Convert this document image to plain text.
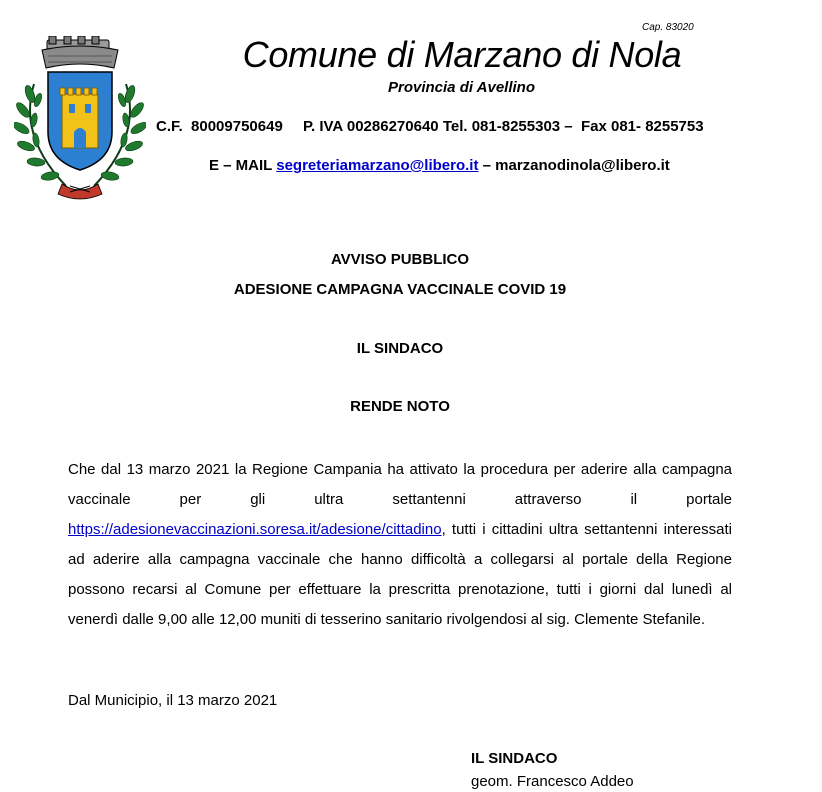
Cap. 83020
Comune di Marzano di Nola
Provincia di Avellino
C.F. 80009750649 P. IVA 00286270640 Tel. 081-8255303 – Fax 081- 8255753
E – MAIL segreteriamarzano@libero.it – marzanodinola@libero.it
AVVISO PUBBLICO
ADESIONE CAMPAGNA VACCINALE COVID 19
IL SINDACO
RENDE NOTO
Che dal 13 marzo 2021 la Regione Campania ha attivato la procedura per aderire alla campagna vaccinale per gli ultra settantenni attraverso il portale https://adesionevaccinazioni.soresa.it/adesione/cittadino, tutti i cittadini ultra settantenni interessati ad aderire alla campagna vaccinale che hanno difficoltà a collegarsi al portale della Regione possono recarsi al Comune per effettuare la prescritta prenotazione, tutti i giorni dal lunedì al venerdì dalle 9,00 alle 12,00 muniti di tesserino sanitario rivolgendosi al sig. Clemente Stefanile.
Dal Municipio, il 13 marzo 2021
IL SINDACO
geom. Francesco Addeo
